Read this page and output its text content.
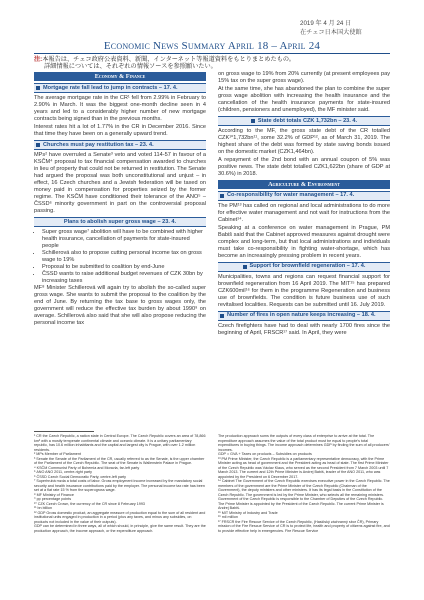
2019 年 4 月 24 日
在チェコ日本国大使館
Economic News Summary April 18 – April 24
注:本報告は、チェコ政府公表資料、新聞、インターネット等報道資料をもとりまとめたもの。
詳細情報については、それぞれの情報ソースを参照願いたい。
Economy & Finance
Mortgage rate fall lead to jump in contracts – 17. 4.

The average mortgage rate in the CR¹ fell from 2.99% in February to 2.90% in March. It was the biggest one-month decline seen in 4 years and led to a considerably higher number of new mortgage contracts being signed than in the previous months.

Interest rates hit a lot of 1.77% in the CR in December 2016. Since that time they have been on a generally upward trend.

Churches must pay restitution tax – 23. 4.

MPs² have overruled a Senate³ veto and voted 114-57 in favour of a KSČM⁴ proposal to tax financial compensation awarded to churches in lieu of property that could not be returned in restitution. The Senate had argued the proposal was both unconstitutional and unjust – in effect, 16 Czech churches and a Jewish federation will be taxed on money paid in compensation for properties seized by the former regime. The KSČM have conditioned their tolerance of the ANO⁵ – ČSSD⁶ minority government in part on the controversial proposal passing.

Plans to abolish super gross wage – 23. 4.
• Super gross wage⁷ abolition will have to be combined with higher health insurance, cancellation of payments for state-insured people
• Schillerová also to propose cutting personal income tax on gross wage to 19%
• Proposal to be submitted to coalition by end-June
• ČSSD wants to raise additional budget revenues of CZK 30bn by increasing taxes

MF⁸ Minister Schillerová will again try to abolish the so-called super gross wage. She wants to submit the proposal to the coalition by the end of June. By returning the tax base to gross wages only, the government will reduce the effective tax burden by about 1990⁹ on average. Schillerová also said that she will also propose reducing the personal income tax

on gross wage to 19% from 20% currently (at present employees pay 15% tax on the super gross wage).

At the same time, she has abandoned the plan to combine the super gross wage abolition with increasing the health insurance and the cancellation of the health insurance payments for state-insured (children, pensioners and unemployed), the MF minister said.

State debt totals CZK 1,732bn – 23. 4.

According to the MF, the gross state debt of the CR totalled CZK¹⁰1,732bn¹¹, some 32.2% of GDP¹², as of March 31, 2019. The highest share of the debt was formed by state saving bonds issued on the domestic market (CZK1,464bn).

A repayment of the 2nd bond with an annual coupon of 5% was positive news. The state debt totalled CZK1,622bn (share of GDP at 30.6%) in 2018.

Agriculture & Environment
Co-responsibility for water management – 17. 4.

The PM¹³ has called on regional and local administrations to do more for effective water management and not wait for instructions from the Cabinet¹⁴.

Speaking at a conference on water management in Prague, PM Babiš said that the Cabinet approved measures against drought were complex and long-term, but that local administrations and individuals must take co-responsibility in fighting water-shortage, which has become an increasingly pressing problem in recent years.

Support for brownfield regeneration – 17. 4.

Municipalities, towns and regions can request financial support for brownfield regeneration from 16 April 2019. The MIT¹⁵ has prepared CZK600mil¹⁶ for them in the programme Regeneration and business use of brownfields. The condition is future business use of such revitalised localities. Requests can be submitted until 16. July 2019.

Number of fires in open nature keeps increasing – 18. 4.

Czech firefighters have had to deal with nearly 1700 fires since the beginning of April, FRSCR¹⁷ said. In April, they were

¹ CR the Czech Republic, a nation state in Central Europe. The Czech Republic covers an area of 78,866 km² with a mostly temperate continental climate and oceanic climate. It is a unitary parliamentary republic, has 10.6 million inhabitants and the capital and largest city is Prague, with over 1.2 million residents.
² MPs Member of Parliament
³ Senate the Senate of the Parliament of the CR, usually referred to as the Senate, is the upper chamber of the Parliament of the Czech Republic. The seat of the Senate is Wallenstein Palace in Prague.
⁴ KSČM Communist Party of Bohemia and Moravia, far-left party
⁵ ANO ANO 2011, centre-right party
⁶ ČSSD Czech Social Democratic Party, centre-left party
⁷ Superhrubá mzda a total costs of labor. Gross employment income increased by the mandatory social security and health insurance contributions paid by the employer. The personal income tax rate has been set at a flat rate 15 % from the superogross wage.
⁸ MF Ministry of Finance
⁹ pp percentage points
¹⁰ CZK Czech Crown, the currency of the CR since 8 February 1993
¹¹ bn billion
¹² GDP Gross domestic product, an aggregate measure of production equal to the sum of all resident and institutional units engaged in production in a period (plus any taxes, and minus any subsidies, on products not included in the value of their outputs).
GDP can be determined in three ways, all of which should, in principle, give the same result. They are the production approach, the income approach, or the expenditure approach.
The production approach sums the outputs of every class of enterprise to arrive at the total. The expenditure approach assumes the value of the total product must be equal to people's total expenditures in buying things. The income approach determines GDP by finding the sum of all producers' incomes.
GDP = GVA + Taxes on products – Subsidies on products
¹³ PM Prime Minister, the Czech Republic is a parliamentary representative democracy, with the Prime Minister acting as head of government and the President acting as head of state. The first Prime Minister of the Czech Republic was Václav Klaus, who served as the second President from 7 March 2003 until 7 March 2013. The current and 12th Prime Minister is Andrej Babiš, leader of the ANO 2011, who was appointed by the President on 6 December 2017.
¹⁴ Cabinet The Government of the Czech Republic exercises executive power in the Czech Republic. The members of the government are the Prime Minister of the Czech Republic (Chairman of the Government), the deputy ministers and other ministers. It has its legal basis in the Constitution of the Czech Republic. The government is led by the Prime Minister, who selects all the remaining ministers. Government of the Czech Republic is responsible to the Chamber of Deputies of the Czech Republic. The Prime Minister is appointed by the President of the Czech Republic. The current Prime Minister is Andrej Babiš.
¹⁵ MIT Ministry of Industry and Trade
¹⁶ mil million
¹⁷ FRSCR the Fire Rescue Service of the Czech Republic, (Hasičský záchranný sbor ČR), Primary mission of the Fire Rescue Service of CR is to protect life, health and property of citizens against fire, and to provide effective help in emergencies. Fire Rescue Service
